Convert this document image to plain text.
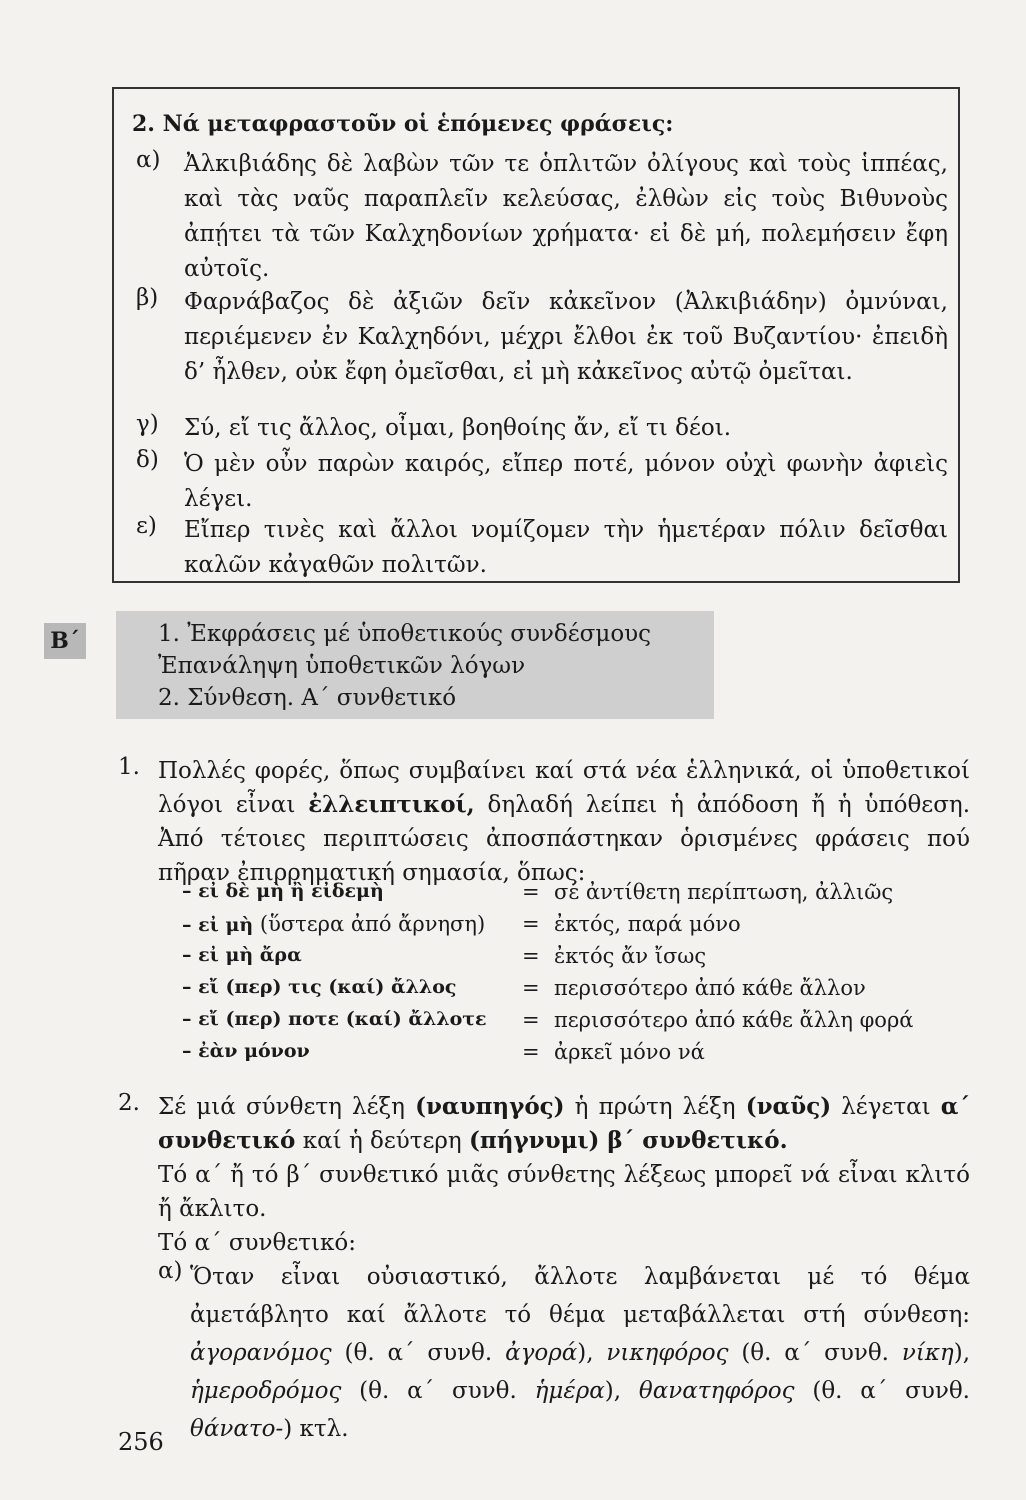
2. Νά μεταφραστοῦν οἱ ἑπόμενες φράσεις:
α) Ἀλκιβιάδης δὲ λαβὼν τῶν τε ὁπλιτῶν ὀλίγους καὶ τοὺς ἱππέας, καὶ τὰς ναῦς παραπλεῖν κελεύσας, ἐλθὼν εἰς τοὺς Βιθυνοὺς ἀπῄτει τὰ τῶν Καλχηδονίων χρήματα· εἰ δὲ μή, πολεμήσειν ἔφη αὐτοῖς.
β) Φαρνάβαζος δὲ ἀξιῶν δεῖν κἀκεῖνον (Ἀλκιβιάδην) ὀμνύναι, περιέμενεν ἐν Καλχηδόνι, μέχρι ἔλθοι ἐκ τοῦ Βυζαντίου· ἐπειδὴ δ’ ἦλθεν, οὐκ ἔφη ὀμεῖσθαι, εἰ μὴ κἀκεῖνος αὐτῷ ὀμεῖται.
γ) Σύ, εἴ τις ἄλλος, οἶμαι, βοηθοίης ἄν, εἴ τι δέοι.
δ) Ὁ μὲν οὖν παρὼν καιρός, εἴπερ ποτέ, μόνον οὐχὶ φωνὴν ἀφιεὶς λέγει.
ε) Εἴπερ τινὲς καὶ ἄλλοι νομίζομεν τὴν ἡμετέραν πόλιν δεῖσθαι καλῶν κἀγαθῶν πολιτῶν.
Β΄	1. Ἐκφράσεις μέ ὑποθετικούς συνδέσμους
Ἐπανάληψη ὑποθετικῶν λόγων
2. Σύνθεση. Α΄ συνθετικό
1. Πολλές φορές, ὅπως συμβαίνει καί στά νέα ἑλληνικά, οἱ ὑποθετικοί λόγοι εἶναι ἐλλειπτικοί, δηλαδή λείπει ἡ ἀπόδοση ἤ ἡ ὑπόθεση. Ἀπό τέτοιες περιπτώσεις ἀποσπάστηκαν ὁρισμένες φράσεις πού πῆραν ἐπιρρηματική σημασία, ὅπως:
– εἰ δὲ μὴ ἢ εἰδεμὴ	= σέ ἀντίθετη περίπτωση, ἀλλιῶς
– εἰ μὴ (ὕστερα ἀπό ἄρνηση) = ἐκτός, παρά μόνο
– εἰ μὴ ἄρα	= ἐκτός ἄν ἴσως
– εἴ (περ) τις (καί) ἄλλος	= περισσότερο ἀπό κάθε ἄλλον
– εἴ (περ) ποτε (καί) ἄλλοτε = περισσότερο ἀπό κάθε ἄλλη φορά
– ἐὰν μόνον	= ἀρκεῖ μόνο νά
2. Σέ μιά σύνθετη λέξη (ναυπηγός) ἡ πρώτη λέξη (ναῦς) λέγεται α΄ συνθετικό καί ἡ δεύτερη (πήγνυμι) β΄ συνθετικό.
Τό α΄ ἤ τό β΄ συνθετικό μιᾶς σύνθετης λέξεως μπορεῖ νά εἶναι κλιτό ἤ ἄκλιτο.
Τό α΄ συνθετικό:
α) Ὅταν εἶναι οὐσιαστικό, ἄλλοτε λαμβάνεται μέ τό θέμα ἀμετάβλητο καί ἄλλοτε τό θέμα μεταβάλλεται στή σύνθεση: ἀγορανόμος (θ. α΄ συνθ. ἀγορά), νικηφόρος (θ. α΄ συνθ. νίκη), ἡμεροδρόμος (θ. α΄ συνθ. ἡμέρα), θανατηφόρος (θ. α΄ συνθ. θάνατο-) κτλ.
256
